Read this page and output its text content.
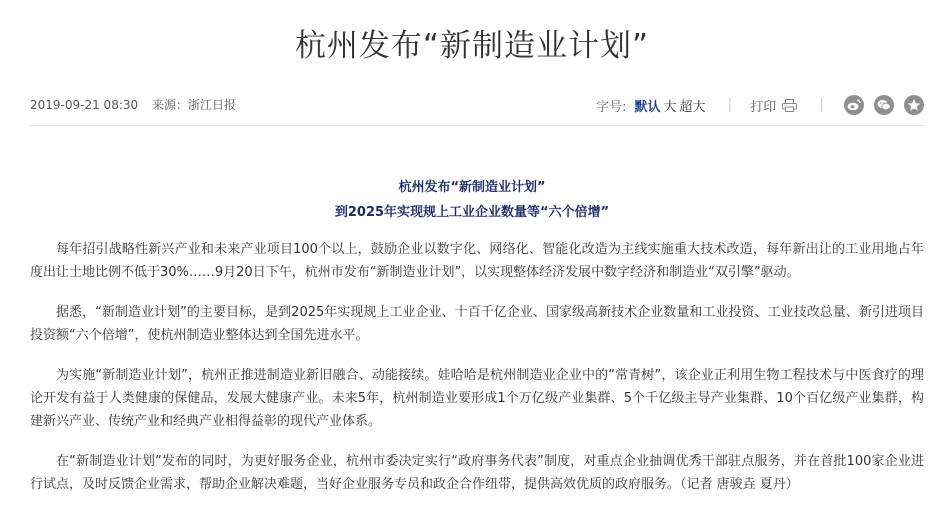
杭州发布“新制造业计划”
2019-09-21 08:30 来源：浙江日报	字号: 默认 大 超大 | 打印	|
杭州发布“新制造业计划”
到2025年实现规上工业企业数量等“六个倍增”

每年招引战略性新兴产业和未来产业项目100个以上，鼓励企业以数字化、网络化、智能化改造为主线实施重大技术改造，每年新出让的工业用地占年度出让土地比例不低于30%……9月20日下午，杭州市发布“新制造业计划”，以实现整体经济发展中数字经济和制造业“双引擎”驱动。

据悉，“新制造业计划”的主要目标，是到2025年实现规上工业企业、十百千亿企业、国家级高新技术企业数量和工业投资、工业技改总量、新引进项目投资额“六个倍增”，使杭州制造业整体达到全国先进水平。

为实施“新制造业计划”，杭州正推进制造业新旧融合、动能接续。娃哈哈是杭州制造业企业中的“常青树”，该企业正利用生物工程技术与中医食疗的理论开发有益于人类健康的保健品，发展大健康产业。未来5年，杭州制造业要形成1个万亿级产业集群、5个千亿级主导产业集群、10个百亿级产业集群，构建新兴产业、传统产业和经典产业相得益彰的现代产业体系。

在“新制造业计划”发布的同时，为更好服务企业，杭州市委决定实行“政府事务代表”制度，对重点企业抽调优秀干部驻点服务，并在首批100家企业进行试点，及时反馈企业需求，帮助企业解决难题，当好企业服务专员和政企合作纽带，提供高效优质的政府服务。（记者 唐骏垚 夏丹）
